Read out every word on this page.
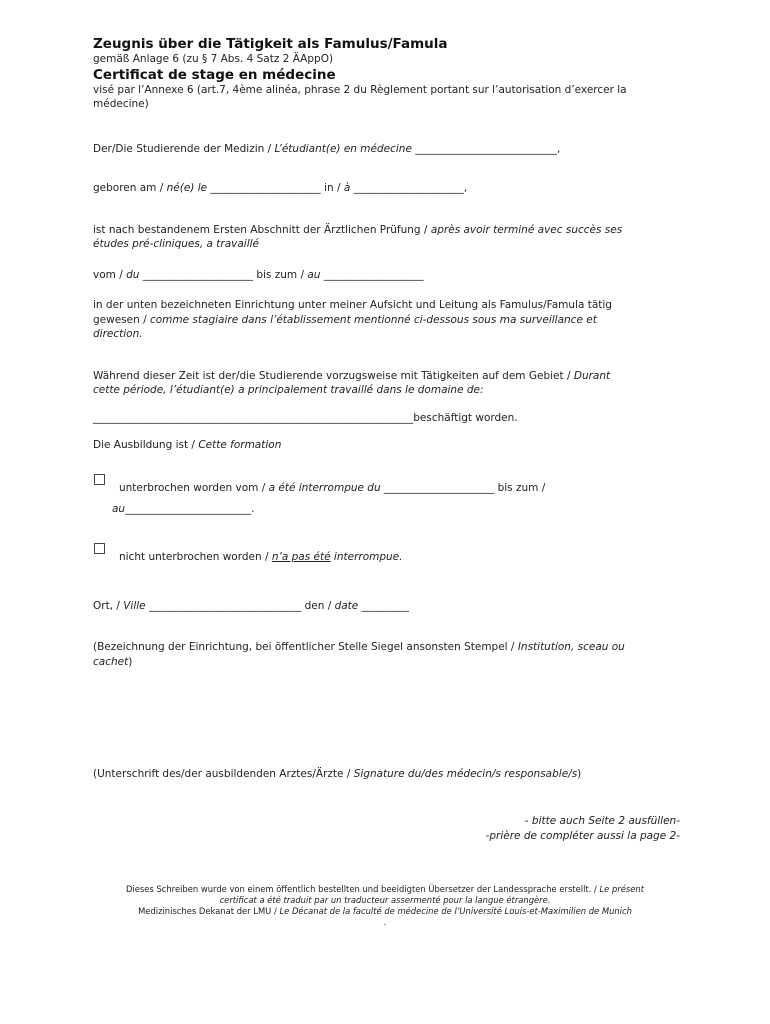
Zeugnis über die Tätigkeit als Famulus/Famula
gemäß Anlage 6 (zu § 7 Abs. 4 Satz 2 ÄAppO)
Certificat de stage en médecine
visé par l’Annexe 6 (art.7, 4ème alinéa, phrase 2 du Règlement portant sur l’autorisation d’exercer la
médecine)
Der/Die Studierende der Medizin / L’étudiant(e) en médecine ___________________________,
geboren am / né(e) le _____________________ in / à _____________________,
ist nach bestandenem Ersten Abschnitt der Ärztlichen Prüfung / après avoir terminé avec succès ses
études pré-cliniques, a travaillé
vom / du _____________________ bis zum / au ___________________
in der unten bezeichneten Einrichtung unter meiner Aufsicht und Leitung als Famulus/Famula tätig
gewesen / comme stagiaire dans l’établissement mentionné ci-dessous sous ma surveillance et
direction.
Während dieser Zeit ist der/die Studierende vorzugsweise mit Tätigkeiten auf dem Gebiet / Durant
cette période, l’étudiant(e) a principalement travaillé dans le domaine de:
_____________________________________________________________beschäftigt worden.
Die Ausbildung ist / Cette formation
unterbrochen worden vom / a été interrompue du _____________________ bis zum /
au________________________.
nicht unterbrochen worden / n’a pas été interrompue.
Ort, / Ville _____________________________ den / date _________
(Bezeichnung der Einrichtung, bei öffentlicher Stelle Siegel ansonsten Stempel / Institution, sceau ou
cachet)
(Unterschrift des/der ausbildenden Arztes/Ärzte / Signature du/des médecin/s responsable/s)
- bitte auch Seite 2 ausfüllen-
-prière de compléter aussi la page 2-
Dieses Schreiben wurde von einem öffentlich bestellten und beeidigten Übersetzer der Landessprache erstellt. / Le présent
certificat a été traduit par un traducteur assermenté pour la langue étrangère.
Medizinisches Dekanat der LMU / Le Décanat de la faculté de médecine de l’Université Louis-et-Maximilien de Munich
.
